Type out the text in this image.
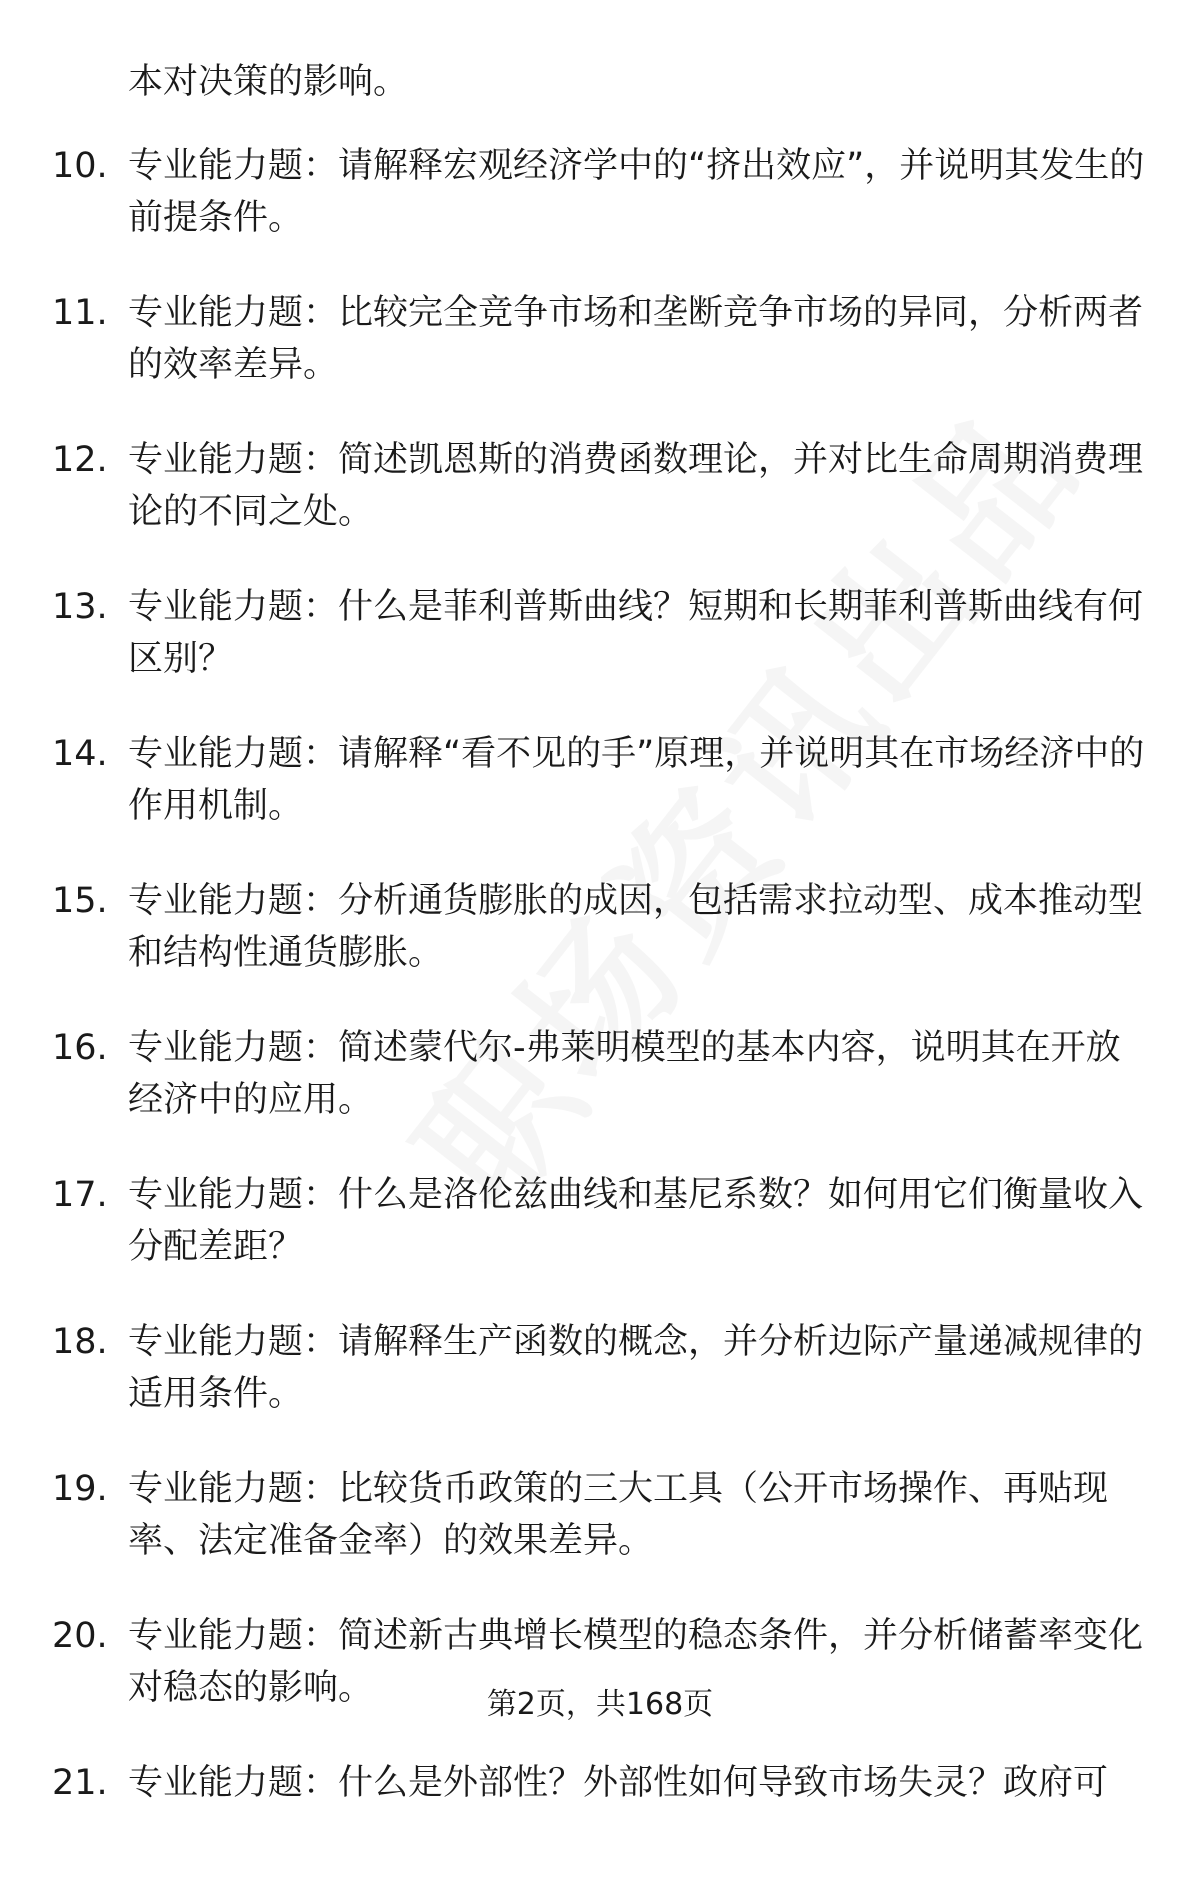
本对决策的影响。
10. 专业能力题：请解释宏观经济学中的“挤出效应”，并说明其发生的前提条件。
11. 专业能力题：比较完全竞争市场和垄断竞争市场的异同，分析两者的效率差异。
12. 专业能力题：简述凯恩斯的消费函数理论，并对比生命周期消费理论的不同之处。
13. 专业能力题：什么是菲利普斯曲线？短期和长期菲利普斯曲线有何区别？
14. 专业能力题：请解释“看不见的手”原理，并说明其在市场经济中的作用机制。
15. 专业能力题：分析通货膨胀的成因，包括需求拉动型、成本推动型和结构性通货膨胀。
16. 专业能力题：简述蒙代尔-弗莱明模型的基本内容，说明其在开放经济中的应用。
17. 专业能力题：什么是洛伦兹曲线和基尼系数？如何用它们衡量收入分配差距？
18. 专业能力题：请解释生产函数的概念，并分析边际产量递减规律的适用条件。
19. 专业能力题：比较货币政策的三大工具（公开市场操作、再贴现率、法定准备金率）的效果差异。
20. 专业能力题：简述新古典增长模型的稳态条件，并分析储蓄率变化对稳态的影响。
21. 专业能力题：什么是外部性？外部性如何导致市场失灵？政府可
第2页，共168页
